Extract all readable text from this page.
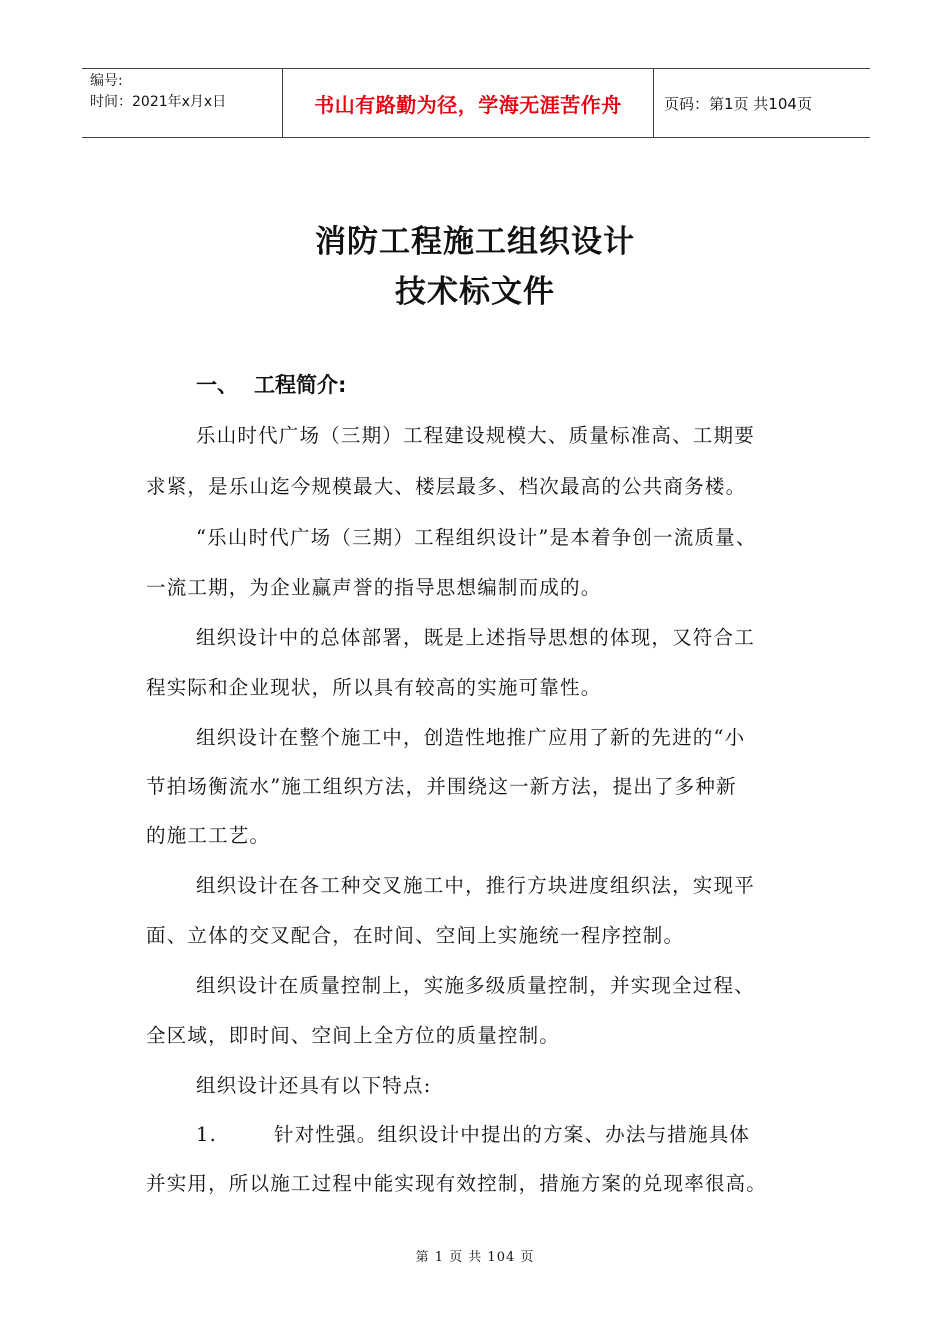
编号:
时间：2021年x月x日	书山有路勤为径，学海无涯苦作舟	页码：第1页 共104页
消防工程施工组织设计
技术标文件
一、 工程简介:
乐山时代广场（三期）工程建设规模大、质量标准高、工期要
求紧，是乐山迄今规模最大、楼层最多、档次最高的公共商务楼。
“乐山时代广场（三期）工程组织设计”是本着争创一流质量、
一流工期，为企业赢声誉的指导思想编制而成的。
组织设计中的总体部署，既是上述指导思想的体现，又符合工
程实际和企业现状，所以具有较高的实施可靠性。
组织设计在整个施工中，创造性地推广应用了新的先进的“小
节拍场衡流水”施工组织方法，并围绕这一新方法，提出了多种新
的施工工艺。
组织设计在各工种交叉施工中，推行方块进度组织法，实现平
面、立体的交叉配合，在时间、空间上实施统一程序控制。
组织设计在质量控制上，实施多级质量控制，并实现全过程、
全区域，即时间、空间上全方位的质量控制。
组织设计还具有以下特点:
1.	针对性强。组织设计中提出的方案、办法与措施具体
并实用，所以施工过程中能实现有效控制，措施方案的兑现率很高。
第 1 页 共 104 页
